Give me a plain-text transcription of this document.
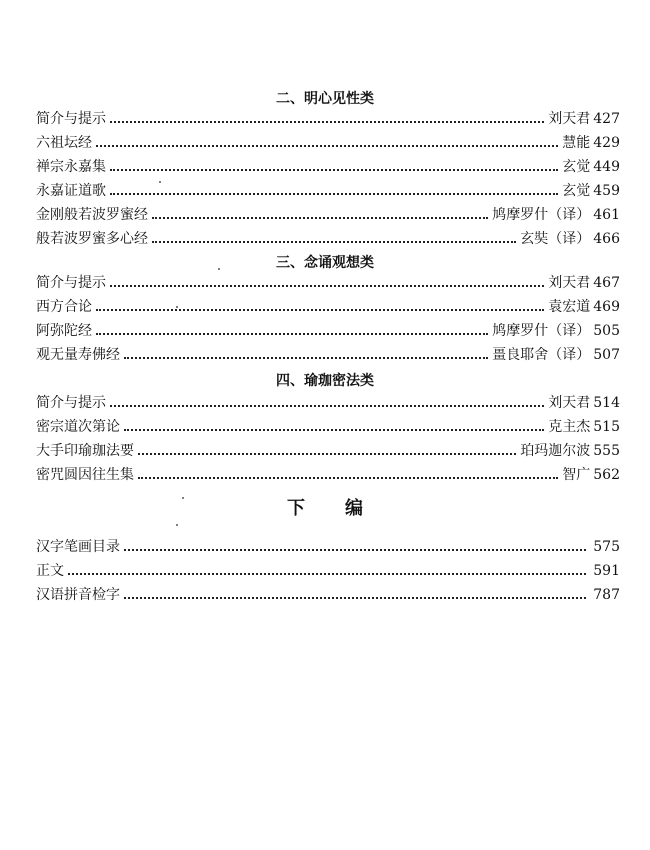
二、明心见性类
简介与提示	刘天君 427
六祖坛经	慧能 429
禅宗永嘉集	玄觉 449
永嘉证道歌	玄觉 459
金刚般若波罗蜜经	鸠摩罗什（译） 461
般若波罗蜜多心经	玄奘（译） 466
三、念诵观想类
简介与提示	刘天君 467
西方合论	袁宏道 469
阿弥陀经	鸠摩罗什（译） 505
观无量寿佛经	畺良耶舍（译） 507
四、瑜珈密法类
简介与提示	刘天君 514
密宗道次第论	克主杰 515
大手印瑜珈法要	珀玛迦尔波 555
密咒圆因往生集	智广 562
下编
汉字笔画目录	575
正文	591
汉语拼音检字	787
